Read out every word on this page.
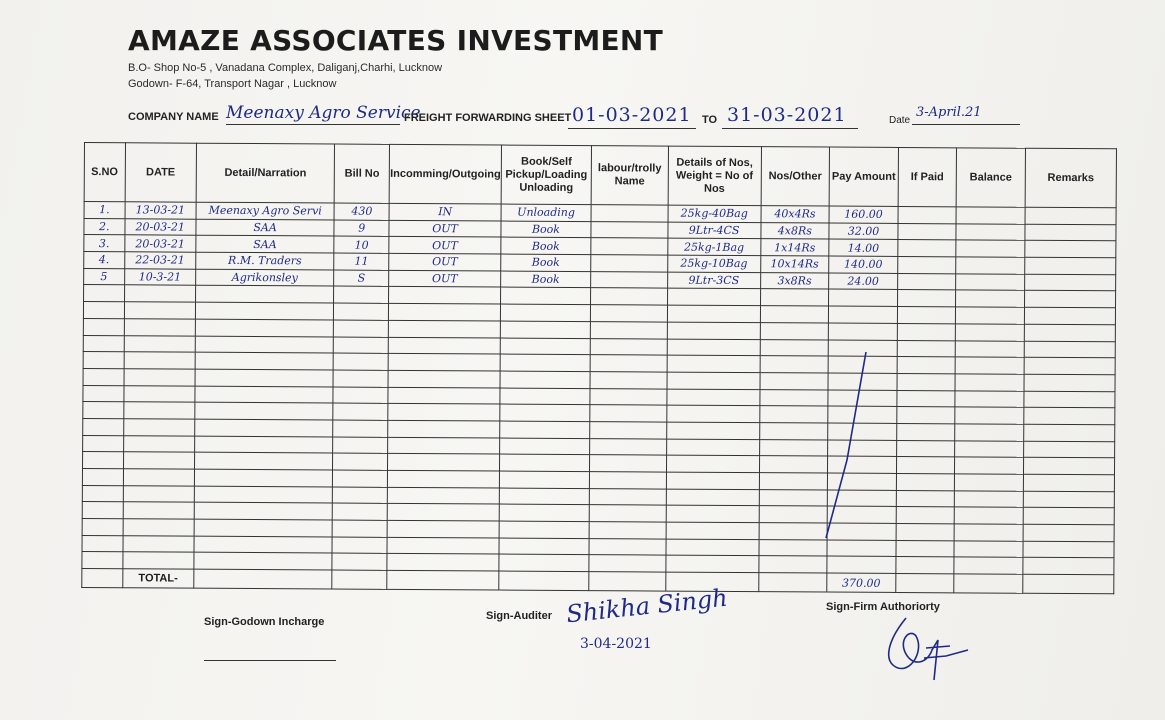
AMAZE ASSOCIATES INVESTMENT
B.O- Shop No-5 , Vanadana Complex, Daliganj,Charhi, Lucknow
Godown- F-64, Transport Nagar , Lucknow
COMPANY NAME Meenaxy Agro Service
FREIGHT FORWARDING SHEET 01-03-2021 TO 31-03-2021	Date
3-April.21
S.NO	DATE	Detail/Narration	Bill No	Incomming/Outgoing	Book/Self Pickup/Loading Unloading	labour/trolly Name	Details of Nos, Weight = No of Nos	Nos/Other	Pay Amount	If Paid	Balance	Remarks
1.	13-03-21	Meenaxy Agro Servi	430	IN	Unloading		25kg-40Bag	40x4Rs	160.00			
2.	20-03-21	SAA	9	OUT	Book		9Ltr-4CS	4x8Rs	32.00			
3.	20-03-21	SAA	10	OUT	Book		25kg-1Bag	1x14Rs	14.00			
4.	22-03-21	R.M. Traders	11	OUT	Book		25kg-10Bag	10x14Rs	140.00			
5	10-3-21	Agrikonsley	S	OUT	Book		9Ltr-3CS	3x8Rs	24.00			

	TOTAL-								370.00			
Sign-Godown Incharge	Sign-Auditer Shikha Singh
3-04-2021
Sign-Firm Authoriorty
